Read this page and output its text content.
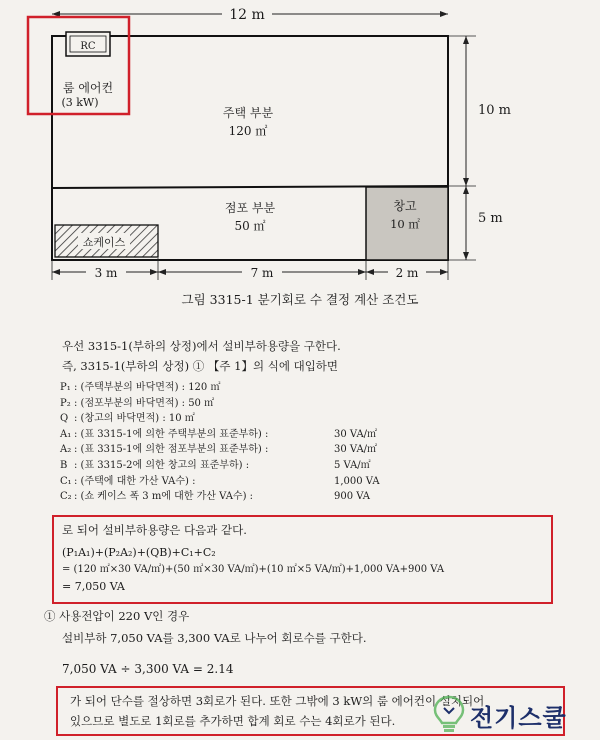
12 m
쇼케이스
RC
룸 에어컨
(3 kW)
주택 부분
120 ㎡
점포 부분
50 ㎡
창고
10 ㎡
10 m
5 m
3 m	7 m	2 m
그림 3315-1 분기회로 수 결정 계산 조건도
우선 3315-1(부하의 상정)에서 설비부하용량을 구한다.
즉, 3315-1(부하의 상정) ① 【주 1】의 식에 대입하면
P₁ : (주택부분의 바닥면적) : 120 ㎡
P₂ : (점포부분의 바닥면적) : 50 ㎡
Q : (창고의 바닥면적) : 10 ㎡
A₁ : (표 3315-1에 의한 주택부분의 표준부하) :	30 VA/㎡
A₂ : (표 3315-1에 의한 점포부분의 표준부하) :	30 VA/㎡
B : (표 3315-2에 의한 창고의 표준부하) :	5 VA/㎡
C₁ : (주택에 대한 가산 VA수) :	1,000 VA
C₂ : (쇼 케이스 폭 3 m에 대한 가산 VA수) :	900 VA
로 되어 설비부하용량은 다음과 같다.
(P₁A₁)+(P₂A₂)+(QB)+C₁+C₂
= (120 ㎡×30 VA/㎡)+(50 ㎡×30 VA/㎡)+(10 ㎡×5 VA/㎡)+1,000 VA+900 VA
= 7,050 VA
① 사용전압이 220 V인 경우
설비부하 7,050 VA를 3,300 VA로 나누어 회로수를 구한다.
7,050 VA ÷ 3,300 VA = 2.14
가 되어 단수를 절상하면 3회로가 된다. 또한 그밖에 3 kW의 룸 에어컨이 설치되어
있으므로 별도로 1회로를 추가하면 합계 회로 수는 4회로가 된다.	전기스쿨
